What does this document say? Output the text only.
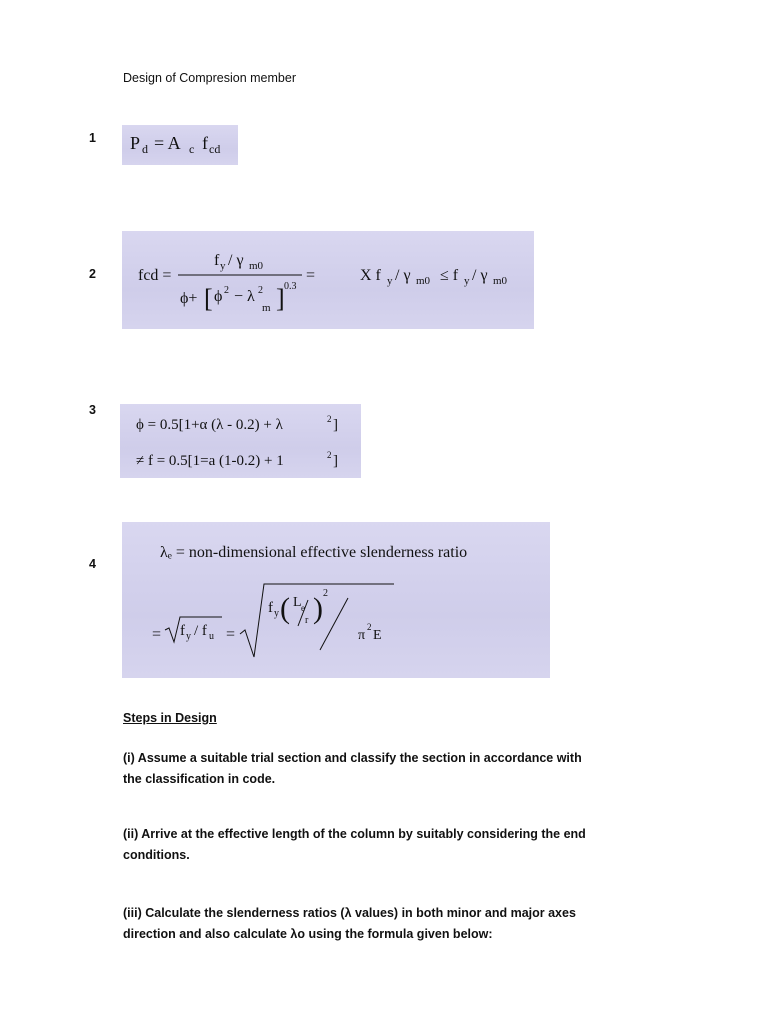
Design of Compresion member
1 P d = A c f cd
2	fcd =
f y / γ m0
ϕ+ [ ϕ 2 − λ 2
m ] 0.3
=	X f y / γ m0 ≤ f y / γ m0
3
ϕ = 0.5[1+α (λ - 0.2) + λ	2 ]
≠ f = 0.5[1=a (1-0.2) + 1	2 ]
4
λₑ = non-dimensional effective slenderness ratio
= f y / f u =
f y ( L e
r ) 2
π
2
E
Steps in Design
(i) Assume a suitable trial section and classify the section in accordance with the classification in code.
(ii) Arrive at the effective length of the column by suitably considering the end conditions.
(iii) Calculate the slenderness ratios (λ values) in both minor and major axes direction and also calculate λo using the formula given below:
